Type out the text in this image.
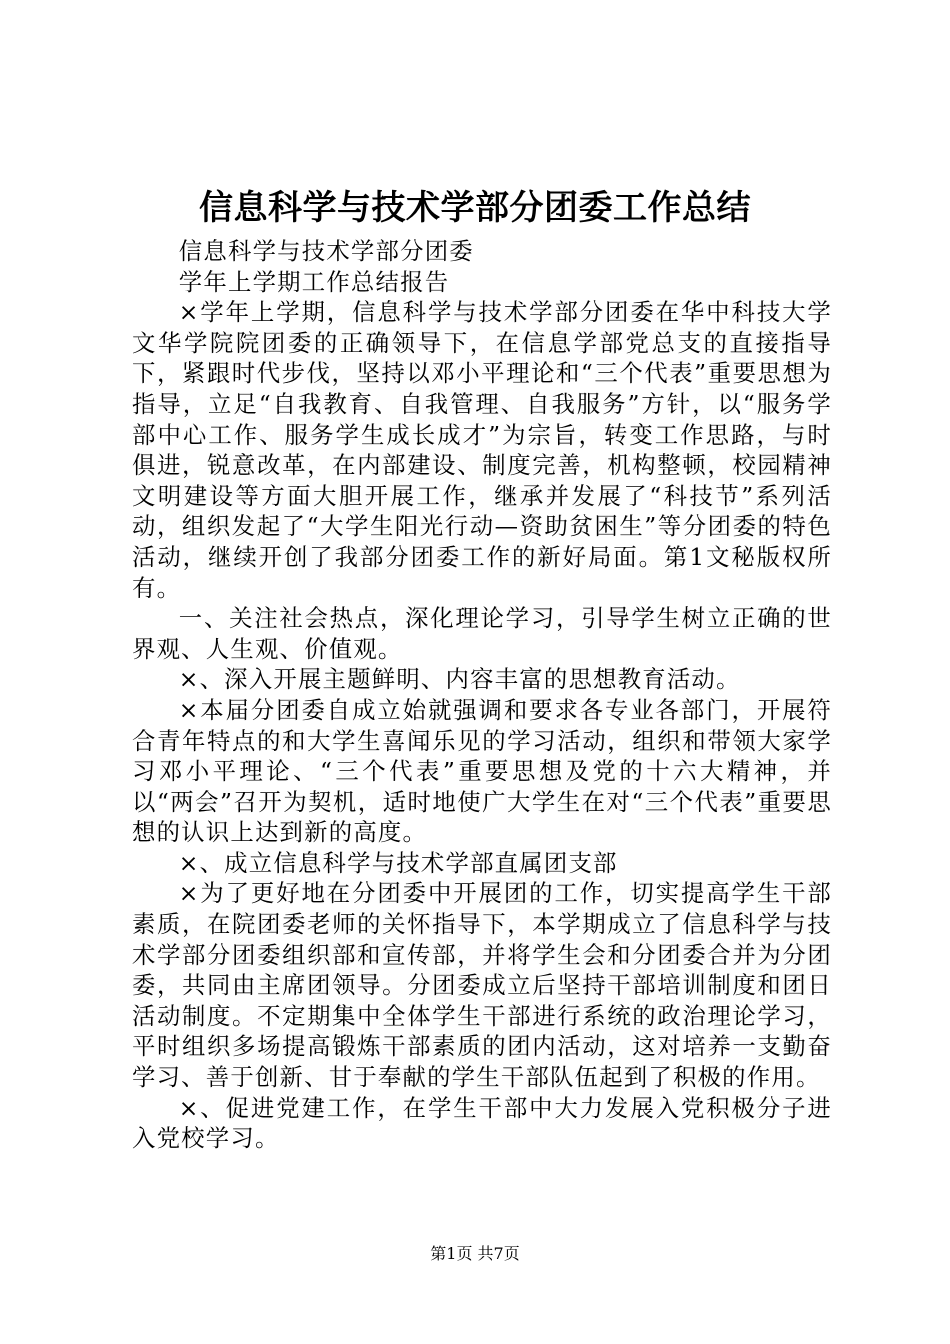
信息科学与技术学部分团委工作总结

信息科学与技术学部分团委

学年上学期工作总结报告

×学年上学期，信息科学与技术学部分团委在华中科技大学文华学院院团委的正确领导下，在信息学部党总支的直接指导下，紧跟时代步伐，坚持以邓小平理论和“三个代表”重要思想为指导，立足“自我教育、自我管理、自我服务”方针，以“服务学部中心工作、服务学生成长成才”为宗旨，转变工作思路，与时俱进，锐意改革，在内部建设、制度完善，机构整顿，校园精神文明建设等方面大胆开展工作，继承并发展了“科技节”系列活动，组织发起了“大学生阳光行动—资助贫困生”等分团委的特色活动，继续开创了我部分团委工作的新好局面。第1文秘版权所有。

一、关注社会热点，深化理论学习，引导学生树立正确的世界观、人生观、价值观。

×、深入开展主题鲜明、内容丰富的思想教育活动。

×本届分团委自成立始就强调和要求各专业各部门，开展符合青年特点的和大学生喜闻乐见的学习活动，组织和带领大家学习邓小平理论、“三个代表”重要思想及党的十六大精神，并以“两会”召开为契机，适时地使广大学生在对“三个代表”重要思想的认识上达到新的高度。

×、成立信息科学与技术学部直属团支部

×为了更好地在分团委中开展团的工作，切实提高学生干部素质，在院团委老师的关怀指导下，本学期成立了信息科学与技术学部分团委组织部和宣传部，并将学生会和分团委合并为分团委，共同由主席团领导。分团委成立后坚持干部培训制度和团日活动制度。不定期集中全体学生干部进行系统的政治理论学习，平时组织多场提高锻炼干部素质的团内活动，这对培养一支勤奋学习、善于创新、甘于奉献的学生干部队伍起到了积极的作用。

×、促进党建工作，在学生干部中大力发展入党积极分子进入党校学习。

第1页 共7页
